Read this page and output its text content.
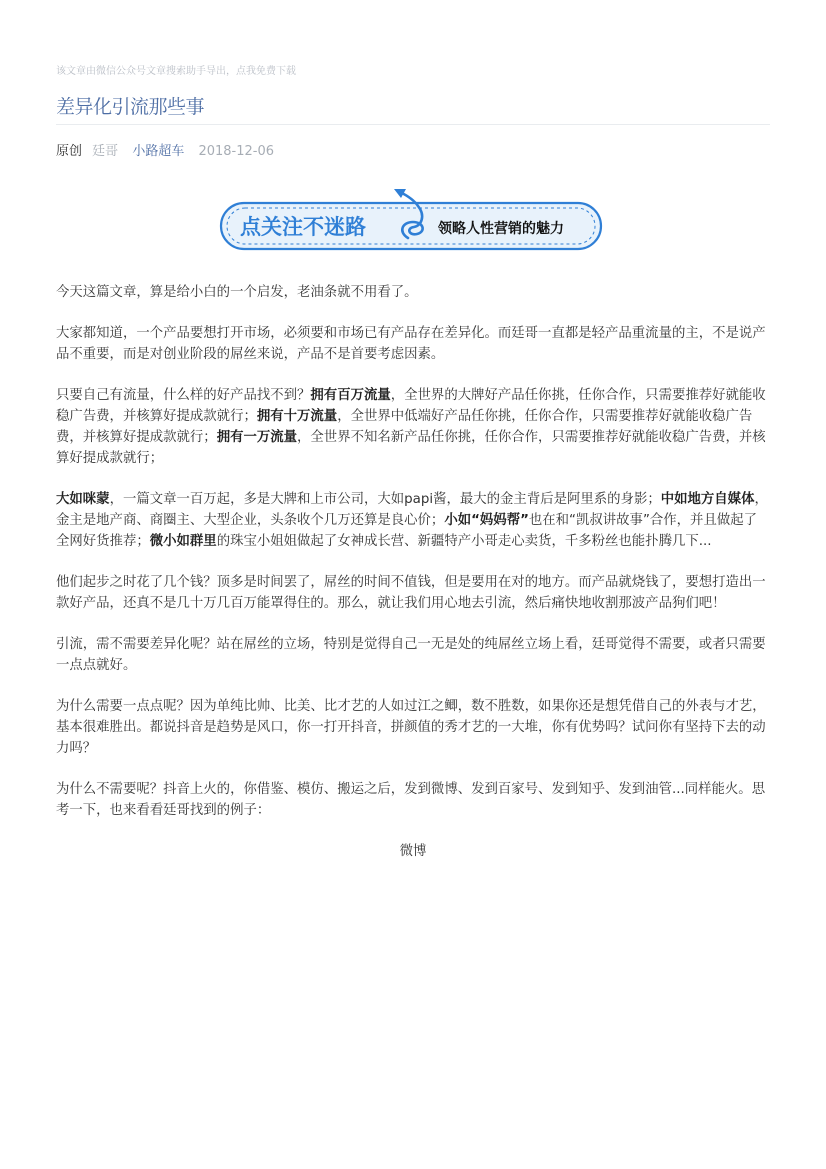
该文章由微信公众号文章搜索助手导出，点我免费下载
差异化引流那些事
原创 廷哥 小路超车 2018-12-06
点关注不迷路	领略人性营销的魅力

今天这篇文章，算是给小白的一个启发，老油条就不用看了。

大家都知道，一个产品要想打开市场，必须要和市场已有产品存在差异化。而廷哥一直都是轻产品重流量的主，不是说产品不重要，而是对创业阶段的屌丝来说，产品不是首要考虑因素。

只要自己有流量，什么样的好产品找不到？拥有百万流量，全世界的大牌好产品任你挑，任你合作，只需要推荐好就能收稳广告费，并核算好提成款就行；拥有十万流量，全世界中低端好产品任你挑，任你合作，只需要推荐好就能收稳广告费，并核算好提成款就行；拥有一万流量，全世界不知名新产品任你挑，任你合作，只需要推荐好就能收稳广告费，并核算好提成款就行；

大如咪蒙，一篇文章一百万起，多是大牌和上市公司，大如papi酱，最大的金主背后是阿里系的身影；中如地方自媒体，金主是地产商、商圈主、大型企业，头条收个几万还算是良心价；小如“妈妈帮”也在和“凯叔讲故事”合作，并且做起了全网好货推荐；微小如群里的珠宝小姐姐做起了女神成长营、新疆特产小哥走心卖货，千多粉丝也能扑腾几下...

他们起步之时花了几个钱？顶多是时间罢了，屌丝的时间不值钱，但是要用在对的地方。而产品就烧钱了，要想打造出一款好产品，还真不是几十万几百万能罩得住的。那么，就让我们用心地去引流，然后痛快地收割那波产品狗们吧！

引流，需不需要差异化呢？站在屌丝的立场，特别是觉得自己一无是处的纯屌丝立场上看，廷哥觉得不需要，或者只需要一点点就好。

为什么需要一点点呢？因为单纯比帅、比美、比才艺的人如过江之鲫，数不胜数，如果你还是想凭借自己的外表与才艺，基本很难胜出。都说抖音是趋势是风口，你一打开抖音，拼颜值的秀才艺的一大堆，你有优势吗？试问你有坚持下去的动力吗？

为什么不需要呢？抖音上火的，你借鉴、模仿、搬运之后，发到微博、发到百家号、发到知乎、发到油管...同样能火。思考一下，也来看看廷哥找到的例子：

微博
